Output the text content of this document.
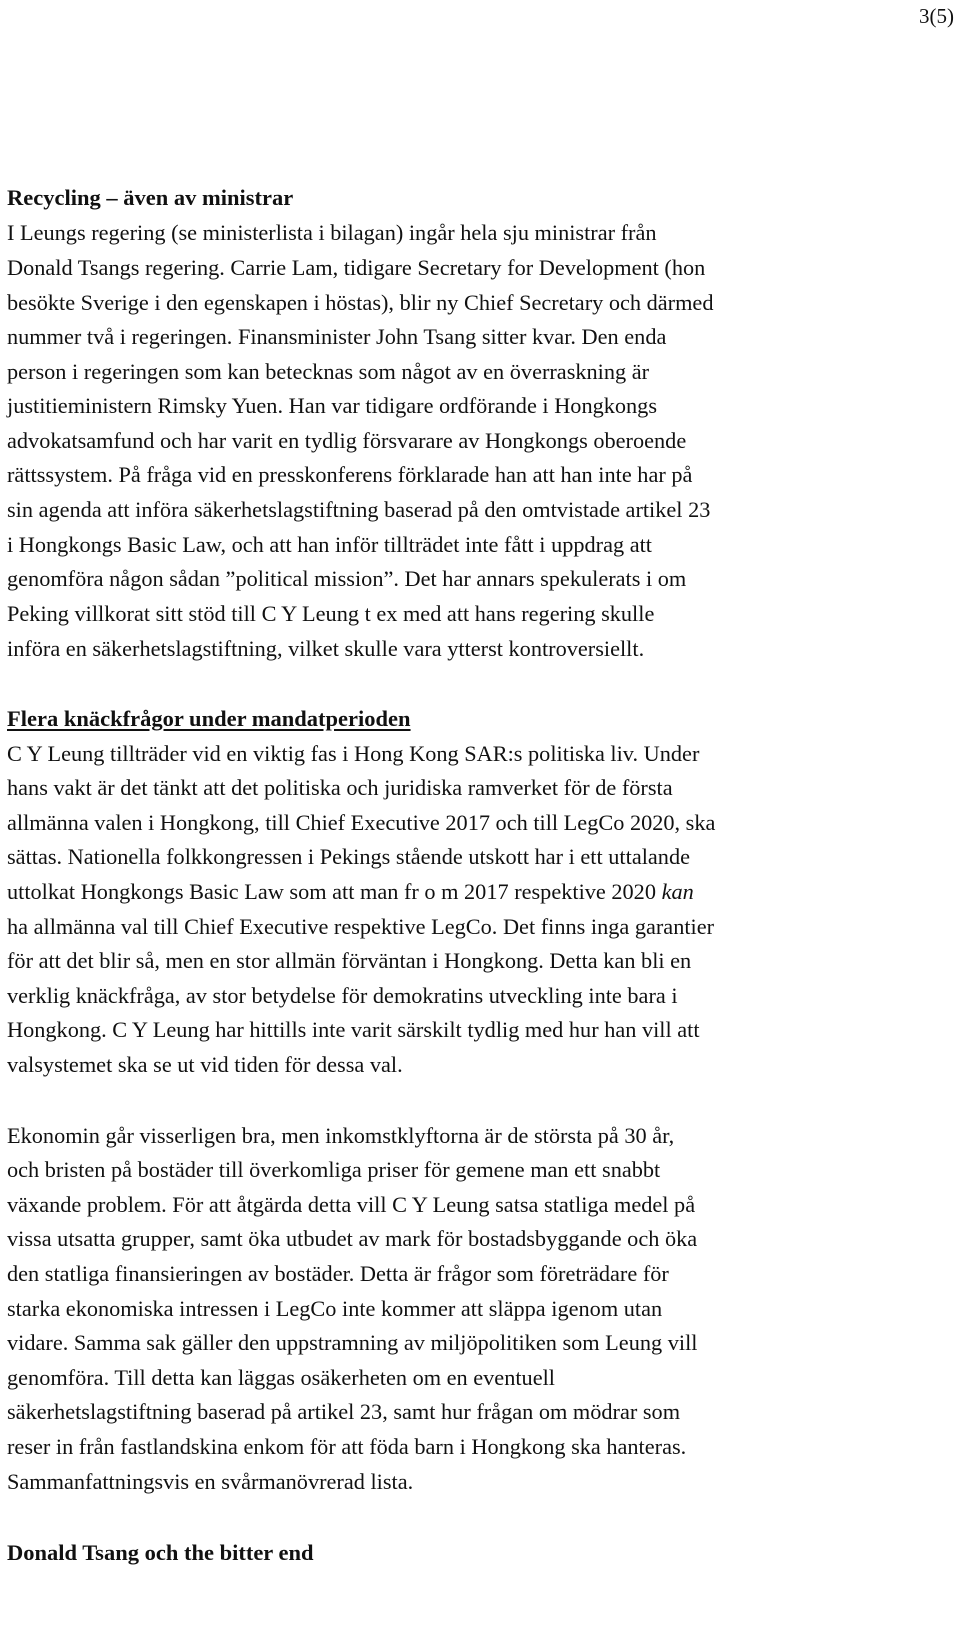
3(5)
Recycling – även av ministrar
I Leungs regering (se ministerlista i bilagan) ingår hela sju ministrar från
Donald Tsangs regering. Carrie Lam, tidigare Secretary for Development (hon
besökte Sverige i den egenskapen i höstas), blir ny Chief Secretary och därmed
nummer två i regeringen. Finansminister John Tsang sitter kvar. Den enda
person i regeringen som kan betecknas som något av en överraskning är
justitieministern Rimsky Yuen. Han var tidigare ordförande i Hongkongs
advokatsamfund och har varit en tydlig försvarare av Hongkongs oberoende
rättssystem. På fråga vid en presskonferens förklarade han att han inte har på
sin agenda att införa säkerhetslagstiftning baserad på den omtvistade artikel 23
i Hongkongs Basic Law, och att han inför tillträdet inte fått i uppdrag att
genomföra någon sådan ”political mission”. Det har annars spekulerats i om
Peking villkorat sitt stöd till C Y Leung t ex med att hans regering skulle
införa en säkerhetslagstiftning, vilket skulle vara ytterst kontroversiellt.
Flera knäckfrågor under mandatperioden
C Y Leung tillträder vid en viktig fas i Hong Kong SAR:s politiska liv. Under
hans vakt är det tänkt att det politiska och juridiska ramverket för de första
allmänna valen i Hongkong, till Chief Executive 2017 och till LegCo 2020, ska
sättas. Nationella folkkongressen i Pekings stående utskott har i ett uttalande
uttolkat Hongkongs Basic Law som att man fr o m 2017 respektive 2020 kan
ha allmänna val till Chief Executive respektive LegCo. Det finns inga garantier
för att det blir så, men en stor allmän förväntan i Hongkong. Detta kan bli en
verklig knäckfråga, av stor betydelse för demokratins utveckling inte bara i
Hongkong. C Y Leung har hittills inte varit särskilt tydlig med hur han vill att
valsystemet ska se ut vid tiden för dessa val.
Ekonomin går visserligen bra, men inkomstklyftorna är de största på 30 år,
och bristen på bostäder till överkomliga priser för gemene man ett snabbt
växande problem. För att åtgärda detta vill C Y Leung satsa statliga medel på
vissa utsatta grupper, samt öka utbudet av mark för bostadsbyggande och öka
den statliga finansieringen av bostäder. Detta är frågor som företrädare för
starka ekonomiska intressen i LegCo inte kommer att släppa igenom utan
vidare. Samma sak gäller den uppstramning av miljöpolitiken som Leung vill
genomföra. Till detta kan läggas osäkerheten om en eventuell
säkerhetslagstiftning baserad på artikel 23, samt hur frågan om mödrar som
reser in från fastlandskina enkom för att föda barn i Hongkong ska hanteras.
Sammanfattningsvis en svårmanövrerad lista.
Donald Tsang och the bitter end
